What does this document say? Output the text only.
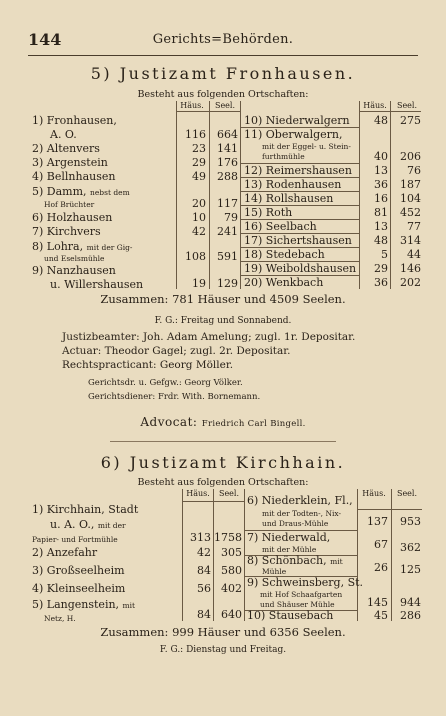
144	Gerichts=Behörden.
5) Justizamt Fronhausen.
Besteht aus folgenden Ortschaften:
Häus.	Seel.	Häus.	Seel.
1) Fronhausen,
A. O.	116	664
2) Altenvers	23	141
3) Argenstein	29	176
4) Bellnhausen	49	288
5) Damm, nebst dem
Hof Brüchter	20	117
6) Holzhausen	10	79
7) Kirchvers	42	241
8) Lohra, mit der Gig-
und Eselsmühle	108	591
9) Nanzhausen
u. Willershausen	19	129
10) Niederwalgern	48	275
11) Oberwalgern,
mit der Eggel- u. Stein-
furthmühle	40	206
12) Reimershausen	13	76
13) Rodenhausen	36	187
14) Rollshausen	16	104
15) Roth	81	452
16) Seelbach	13	77
17) Sichertshausen	48	314
18) Stedebach	5	44
19) Weiboldshausen	29	146
20) Wenkbach	36	202
Zusammen: 781 Häuser und 4509 Seelen.
F. G.: Freitag und Sonnabend.
Justizbeamter: Joh. Adam Amelung; zugl. 1r. Depositar.
Actuar: Theodor Gagel; zugl. 2r. Depositar.
Rechtspracticant: Georg Möller.
Gerichtsdr. u. Gefgw.: Georg Völker.
Gerichtsdiener: Frdr. With. Bornemann.
Advocat: Friedrich Carl Bingell.
6) Justizamt Kirchhain.
Besteht aus folgenden Ortschaften:
Häus.	Seel.	Häus.	Seel.
1) Kirchhain, Stadt
u. A. O., mit der
Papier- und Fortmühle	313 1758
2) Anzefahr	42 305
3) Großseelheim	84 580
4) Kleinseelheim	56 402
5) Langenstein, mit
Netz, H.	84 640
6) Niederklein, Fl.,
mit der Todten-, Nix-
und Draus-Mühle	137	953
7) Niederwald,
mit der Mühle	67	362
8) Schönbach, mit
Mühle	26	125
9) Schweinsberg, St.
mit Hof Schaafgarten
und Shäuser Mühle	145	944
10) Stausebach	45	286
Zusammen: 999 Häuser und 6356 Seelen.
F. G.: Dienstag und Freitag.
